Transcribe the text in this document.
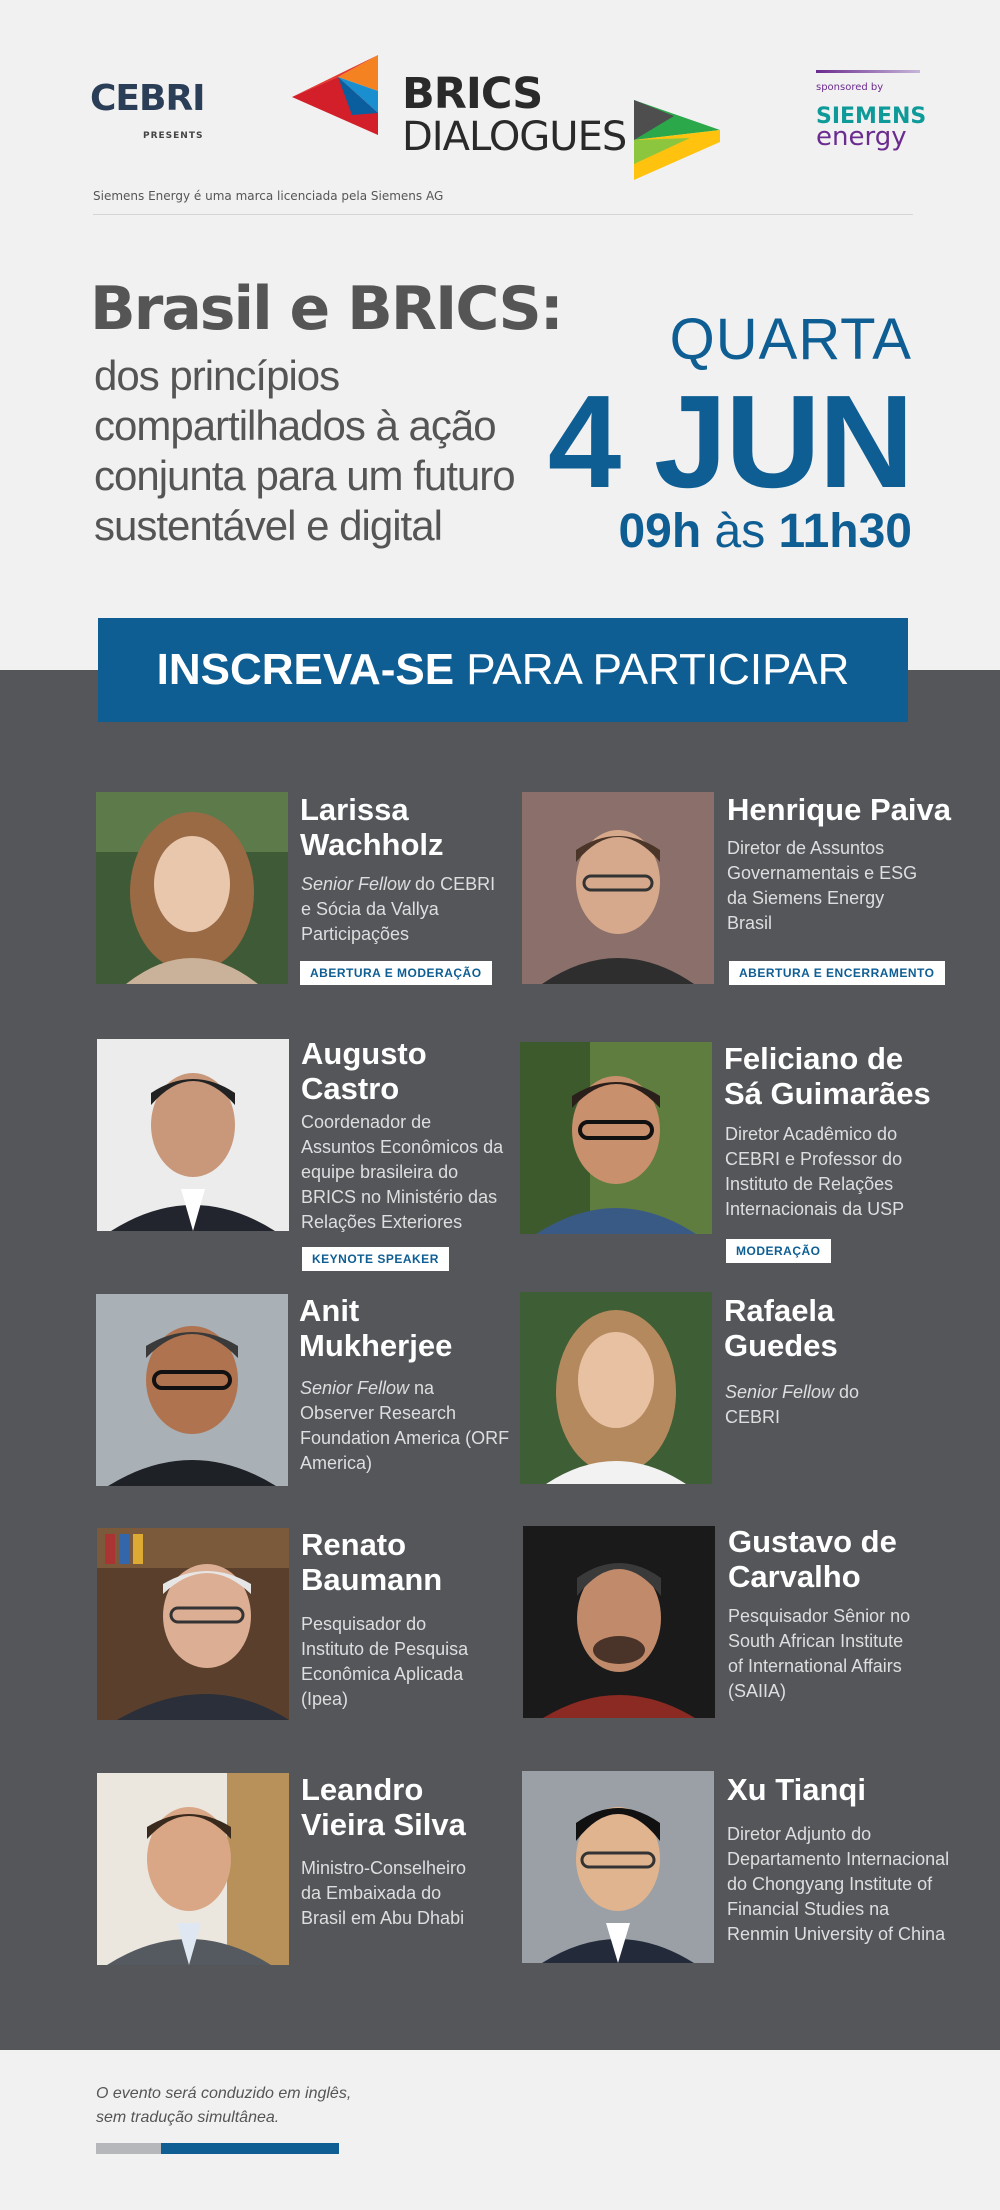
CEBRI
PRESENTS
BRICS
DIALOGUES
sponsored by
SIEMENS
energy
Siemens Energy é uma marca licenciada pela Siemens AG
Brasil e BRICS:
dos princípios
compartilhados à ação
conjunta para um futuro
sustentável e digital
QUARTA
4 JUN
09h às 11h30
INSCREVA-SE PARA PARTICIPAR
Larissa
Wachholz
Senior Fellow do CEBRI
e Sócia da Vallya
Participações
ABERTURA E MODERAÇÃO
Henrique Paiva
Diretor de Assuntos
Governamentais e ESG
da Siemens Energy
Brasil
ABERTURA E ENCERRAMENTO
Augusto
Castro
Coordenador de
Assuntos Econômicos da
equipe brasileira do
BRICS no Ministério das
Relações Exteriores
KEYNOTE SPEAKER
Feliciano de
Sá Guimarães
Diretor Acadêmico do
CEBRI e Professor do
Instituto de Relações
Internacionais da USP
MODERAÇÃO
Anit
Mukherjee
Senior Fellow na
Observer Research
Foundation America (ORF
America)
Rafaela
Guedes
Senior Fellow do
CEBRI
Renato
Baumann
Pesquisador do
Instituto de Pesquisa
Econômica Aplicada
(Ipea)
Gustavo de
Carvalho
Pesquisador Sênior no
South African Institute
of International Affairs
(SAIIA)
Leandro
Vieira Silva
Ministro-Conselheiro
da Embaixada do
Brasil em Abu Dhabi
Xu Tianqi
Diretor Adjunto do
Departamento Internacional
do Chongyang Institute of
Financial Studies na
Renmin University of China
O evento será conduzido em inglês,
sem tradução simultânea.
